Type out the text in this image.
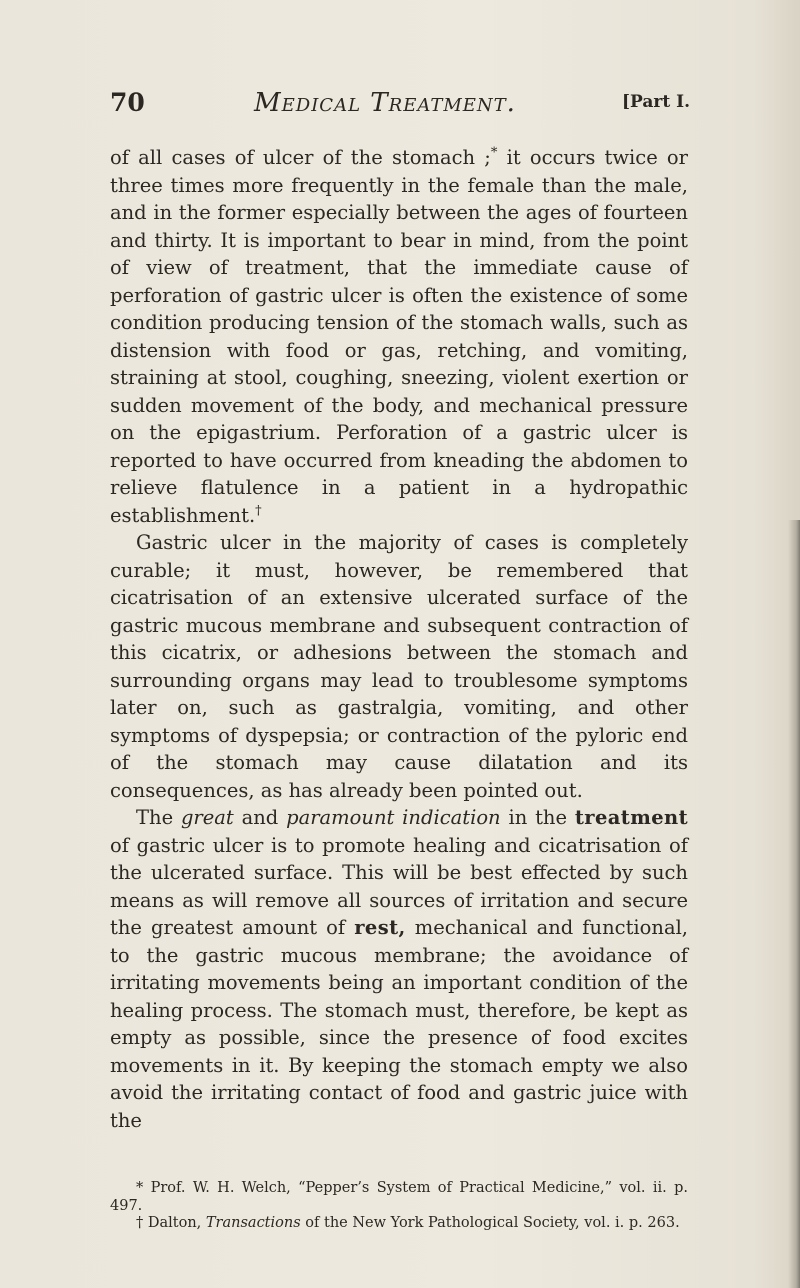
70	Medical Treatment.	[Part I.

of all cases of ulcer of the stomach ;* it occurs twice or three times more frequently in the female than the male, and in the former especially between the ages of fourteen and thirty. It is important to bear in mind, from the point of view of treatment, that the immediate cause of perforation of gastric ulcer is often the existence of some condition producing tension of the stomach walls, such as distension with food or gas, retching, and vomiting, straining at stool, coughing, sneezing, violent exertion or sudden movement of the body, and mechanical pressure on the epigastrium. Perforation of a gastric ulcer is reported to have occurred from kneading the abdomen to relieve flatulence in a patient in a hydropathic establishment.†

Gastric ulcer in the majority of cases is completely curable; it must, however, be remembered that cicatrisation of an extensive ulcerated surface of the gastric mucous membrane and subsequent contraction of this cicatrix, or adhesions between the stomach and surrounding organs may lead to troublesome symptoms later on, such as gastralgia, vomiting, and other symptoms of dyspepsia; or contraction of the pyloric end of the stomach may cause dilatation and its consequences, as has already been pointed out.

The great and paramount indication in the treatment of gastric ulcer is to promote healing and cicatrisation of the ulcerated surface. This will be best effected by such means as will remove all sources of irritation and secure the greatest amount of rest, mechanical and functional, to the gastric mucous membrane; the avoidance of irritating movements being an important condition of the healing process. The stomach must, therefore, be kept as empty as possible, since the presence of food excites movements in it. By keeping the stomach empty we also avoid the irritating contact of food and gastric juice with the

* Prof. W. H. Welch, “Pepper’s System of Practical Medicine,” vol. ii. p. 497.

† Dalton, Transactions of the New York Pathological Society, vol. i. p. 263.
